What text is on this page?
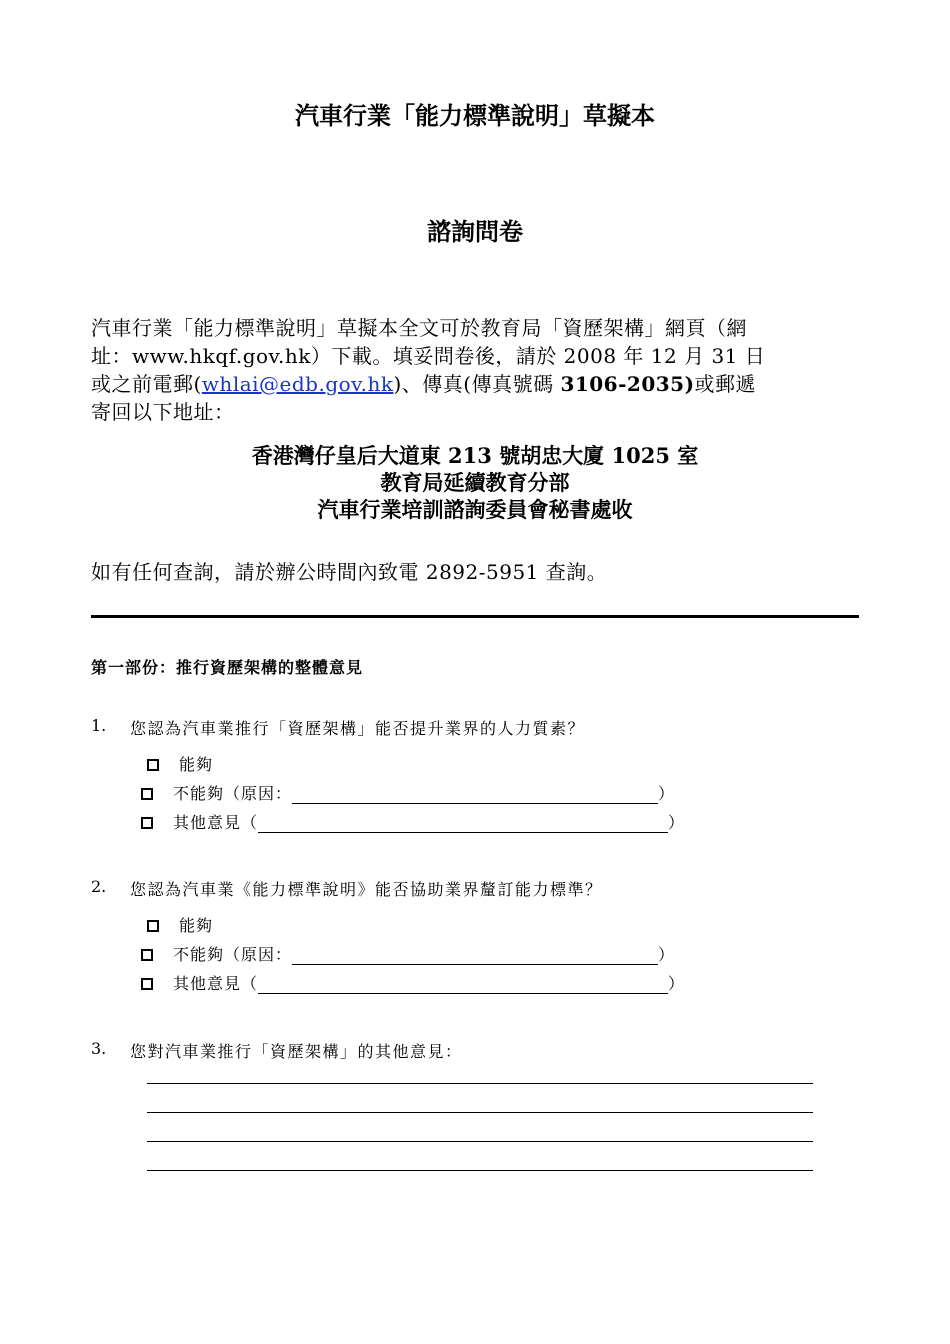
汽車行業「能力標準說明」草擬本
諮詢問卷
汽車行業「能力標準說明」草擬本全文可於教育局「資歷架構」網頁（網
址：www.hkqf.gov.hk）下載。填妥問卷後，請於 2008 年 12 月 31 日
或之前電郵(whlai@edb.gov.hk)、傳真(傳真號碼 3106-2035)或郵遞
寄回以下地址：
香港灣仔皇后大道東 213 號胡忠大廈 1025 室
教育局延續教育分部
汽車行業培訓諮詢委員會秘書處收
如有任何查詢，請於辦公時間內致電 2892-5951 查詢。
第一部份：推行資歷架構的整體意見
1. 您認為汽車業推行「資歷架構」能否提升業界的人力質素？
能夠
不能夠（原因：	）
其他意見（	）
2. 您認為汽車業《能力標準說明》能否協助業界釐訂能力標準？
能夠
不能夠（原因：	）
其他意見（	）
3. 您對汽車業推行「資歷架構」的其他意見：
